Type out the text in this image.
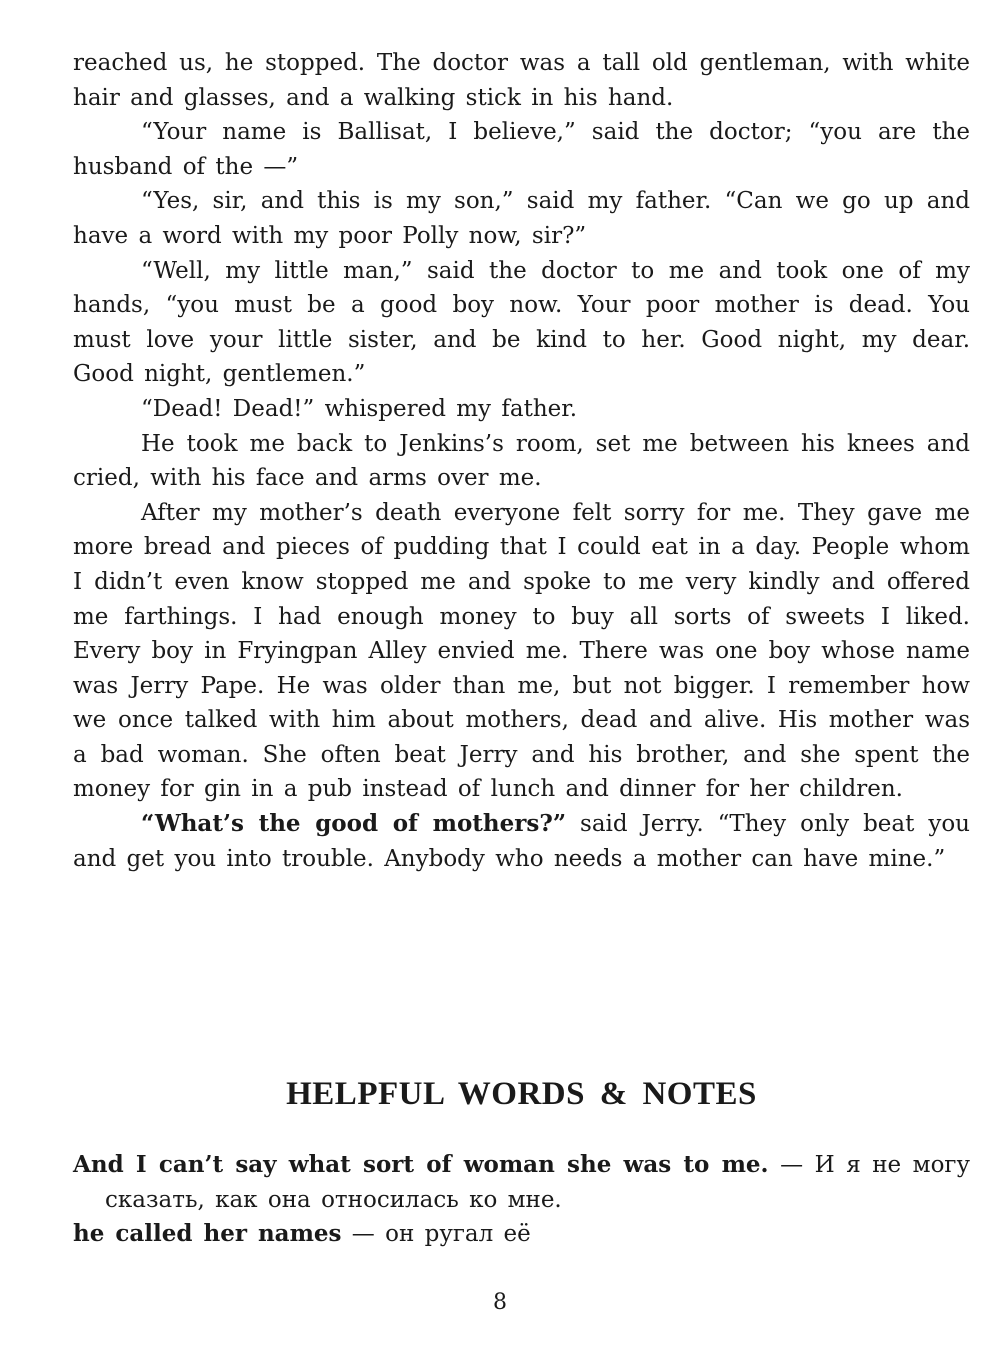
reached us, he stopped. The doctor was a tall old gentleman, with white hair and glasses, and a walking stick in his hand.

“Your name is Ballisat, I believe,” said the doctor; “you are the husband of the —”

“Yes, sir, and this is my son,” said my father. “Can we go up and have a word with my poor Polly now, sir?”

“Well, my little man,” said the doctor to me and took one of my hands, “you must be a good boy now. Your poor mother is dead. You must love your little sister, and be kind to her. Good night, my dear. Good night, gentlemen.”

“Dead! Dead!” whispered my father.

He took me back to Jenkins’s room, set me between his knees and cried, with his face and arms over me.

After my mother’s death everyone felt sorry for me. They gave me more bread and pieces of pudding that I could eat in a day. People whom I didn’t even know stopped me and spoke to me very kindly and offered me farthings. I had enough money to buy all sorts of sweets I liked. Every boy in Fryingpan Alley envied me. There was one boy whose name was Jerry Pape. He was older than me, but not bigger. I remember how we once talked with him about mothers, dead and alive. His mother was a bad woman. She often beat Jerry and his brother, and she spent the money for gin in a pub instead of lunch and dinner for her children.

“What’s the good of mothers?” said Jerry. “They only beat you and get you into trouble. Anybody who needs a mother can have mine.”

HELPFUL WORDS & NOTES

And I can’t say what sort of woman she was to me. — И я не могу сказать, как она относилась ко мне.

he called her names — он ругал её

8
